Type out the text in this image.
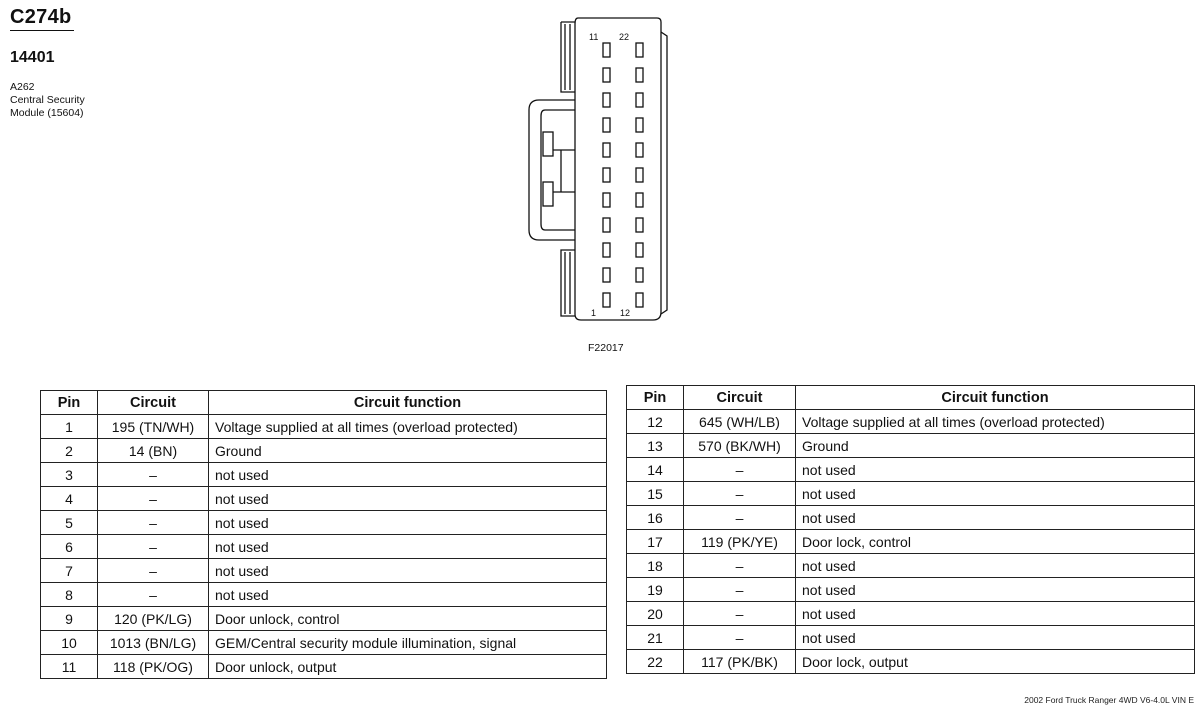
C274b
14401
A262
Central Security
Module (15604)
11 22
1	12
F22017
Pin	Circuit	Circuit function
1	195 (TN/WH)	Voltage supplied at all times (overload protected)
2	14 (BN)	Ground
3	–	not used
4	–	not used
5	–	not used
6	–	not used
7	–	not used
8	–	not used
9	120 (PK/LG)	Door unlock, control
10	1013 (BN/LG)	GEM/Central security module illumination, signal
11	118 (PK/OG)	Door unlock, output
Pin	Circuit	Circuit function
12	645 (WH/LB)	Voltage supplied at all times (overload protected)
13	570 (BK/WH)	Ground
14	–	not used
15	–	not used
16	–	not used
17	119 (PK/YE)	Door lock, control
18	–	not used
19	–	not used
20	–	not used
21	–	not used
22	117 (PK/BK)	Door lock, output
2002 Ford Truck Ranger 4WD V6-4.0L VIN E
